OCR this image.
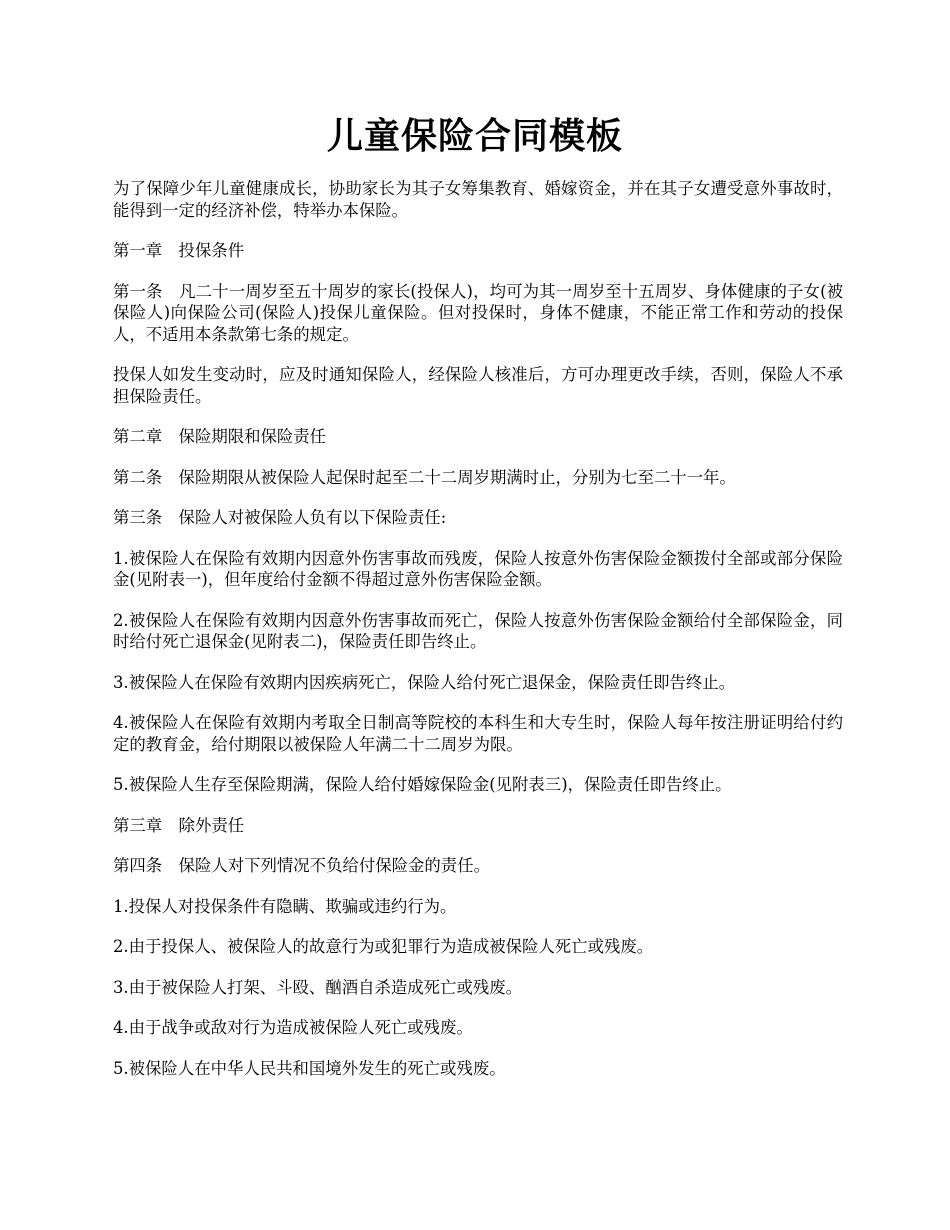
儿童保险合同模板

为了保障少年儿童健康成长，协助家长为其子女筹集教育、婚嫁资金，并在其子女遭受意外事故时，能得到一定的经济补偿，特举办本保险。

第一章　投保条件

第一条　凡二十一周岁至五十周岁的家长(投保人)，均可为其一周岁至十五周岁、身体健康的子女(被保险人)向保险公司(保险人)投保儿童保险。但对投保时，身体不健康，不能正常工作和劳动的投保人，不适用本条款第七条的规定。

投保人如发生变动时，应及时通知保险人，经保险人核准后，方可办理更改手续，否则，保险人不承担保险责任。

第二章　保险期限和保险责任

第二条　保险期限从被保险人起保时起至二十二周岁期满时止，分别为七至二十一年。

第三条　保险人对被保险人负有以下保险责任:

1.被保险人在保险有效期内因意外伤害事故而残废，保险人按意外伤害保险金额拨付全部或部分保险金(见附表一)，但年度给付金额不得超过意外伤害保险金额。

2.被保险人在保险有效期内因意外伤害事故而死亡，保险人按意外伤害保险金额给付全部保险金，同时给付死亡退保金(见附表二)，保险责任即告终止。

3.被保险人在保险有效期内因疾病死亡，保险人给付死亡退保金，保险责任即告终止。

4.被保险人在保险有效期内考取全日制高等院校的本科生和大专生时，保险人每年按注册证明给付约定的教育金，给付期限以被保险人年满二十二周岁为限。

5.被保险人生存至保险期满，保险人给付婚嫁保险金(见附表三)，保险责任即告终止。

第三章　除外责任

第四条　保险人对下列情况不负给付保险金的责任。

1.投保人对投保条件有隐瞒、欺骗或违约行为。

2.由于投保人、被保险人的故意行为或犯罪行为造成被保险人死亡或残废。

3.由于被保险人打架、斗殴、酗酒自杀造成死亡或残废。

4.由于战争或敌对行为造成被保险人死亡或残废。

5.被保险人在中华人民共和国境外发生的死亡或残废。
